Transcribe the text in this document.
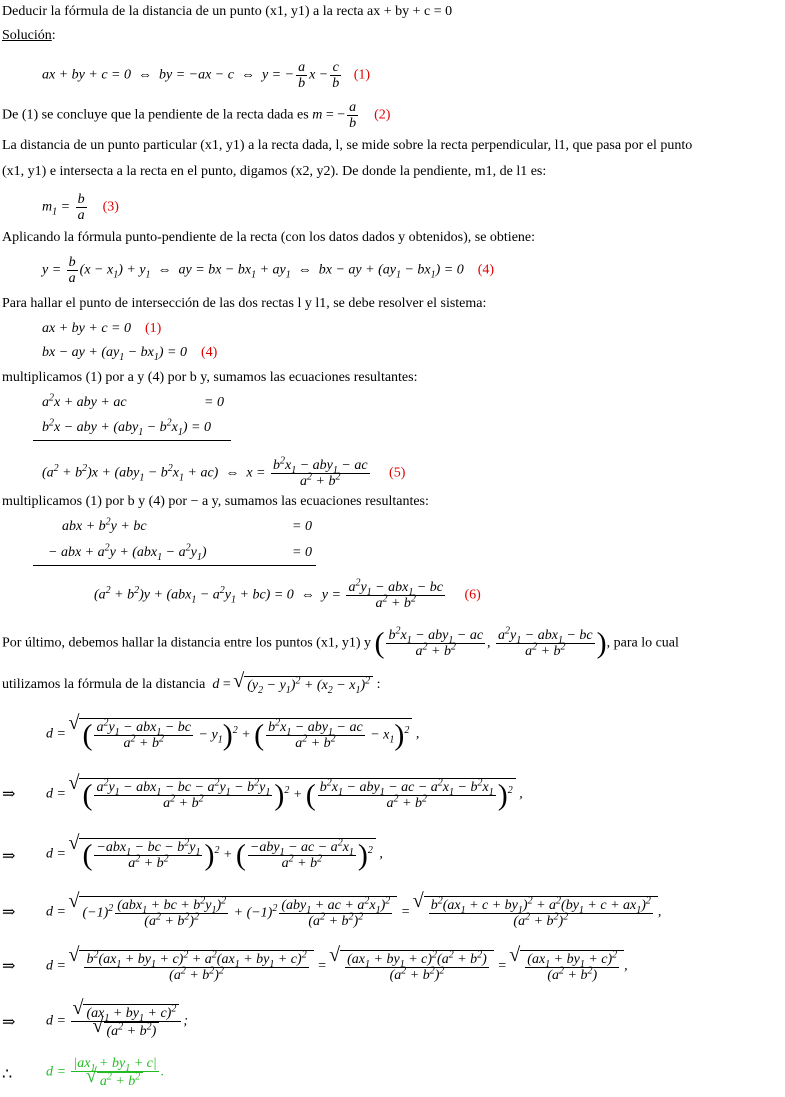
Deducir la fórmula de la distancia de un punto (x1, y1) a la recta ax + by + c = 0
Solución:
ax + by + c = 0  ⇔  by = −ax − c  ⇔  y = − $\frac{a}{b}$ $x - \frac{c}{b} (1)$
De (1) se concluye que la pendiente de la recta dada es m = − $\frac{a}{b} (2)$
La distancia de un punto particular (x1, y1) a la recta dada, l, se mide sobre la recta perpendicular, l1, que pasa por el punto
(x1, y1) e intersecta a la recta en el punto, digamos (x2, y2). De donde la pendiente, m1, de l1 es:
$m_1 = \frac{b}{a} (3)$
Aplicando la fórmula punto-pendiente de la recta (con los datos dados y obtenidos), se obtiene:
$y = \frac{b}{a} (x - x_1) + y_1$  ⇔  ay = bx − $bx_1 + ay_1$  ⇔  bx − ay + $(ay_1 - bx_1) = 0$    (4)
Para hallar el punto de intersección de las dos rectas l y l1, se debe resolver el sistema:
ax + by + c = 0    (1)
bx − ay + $(ay_1 - bx_1) = 0$    (4)
multiplicamos (1) por a y (4) por b y, sumamos las ecuaciones resultantes:
$a^2x$ + aby + ac	= 0
$b^2x$ − aby + $(aby_1 - b^2x_1) = 0$
$(a^2 + b^2)x + (aby_1 - b^2x_1 + ac)$  ⇔  $x = \frac{b^2x_1 - aby_1 - ac}{a^2 + b^2} (5)$
multiplicamos (1) por b y (4) por − a y, sumamos las ecuaciones resultantes:
abx + $b^2y$ + bc	= 0
− abx + $a^2y + (abx_1 - a^2y_1)$	= 0
$(a^2 + b^2)y + (abx_1 - a^2y_1 + bc) = 0$  ⇔  $y = \frac{a^2y_1 - abx_1 - bc}{a^2 + b^2} (6)$
Por último, debemos hallar la distancia entre los puntos (x1, y1) y ( $\frac{b^2x_1 - aby_1 - ac}{a^2 + b^2}$ , $\frac{a^2y_1 - abx_1 - bc}{a^2 + b^2}$ ), para lo cual
utilizamos la fórmula de la distancia d = √ $(y_2 - y_1)^2 + (x_2 - x_1)^2$ :
d = √ ( $\frac{a^2y_1 - abx_1 - bc}{a^2 + b^2} - y_1)^2$ + ( $\frac{b^2x_1 - aby_1 - ac}{a^2 + b^2} - x_1)^2$ ,
⇒ d = √ ( $\frac{a^2y_1 - abx_1 - bc - a^2y_1 - b^2y_1}{a^2 + b^2} )^2$ + ( $\frac{b^2x_1 - aby_1 - ac - a^2x_1 - b^2x_1}{a^2 + b^2} )^2$ ,
⇒ d = √ ( $\frac{-abx_1 - bc - b^2y_1}{a^2 + b^2} )^2$ + ( $\frac{-aby_1 - ac - a^2x_1}{a^2 + b^2} )^2$ ,
⇒ d = √ $(-1)^2 \frac{(abx_1 + bc + b^2y_1)^2}{(a^2 + b^2)^2} + (-1)^2 \frac{(aby_1 + ac + a^2x_1)^2}{(a^2 + b^2)^2}$ = √ $\frac{b^2(ax_1 + c + by_1)^2 + a^2(by_1 + c + ax_1)^2}{(a^2 + b^2)^2}$ ,
⇒ d = √ $\frac{b^2(ax_1 + by_1 + c)^2 + a^2(ax_1 + by_1 + c)^2}{(a^2 + b^2)^2}$ = √ $\frac{(ax_1 + by_1 + c)^2(a^2 + b^2)}{(a^2 + b^2)^2}$ = √ $\frac{(ax_1 + by_1 + c)^2}{(a^2 + b^2)}$ ,
⇒ d = √ $(ax_1 + by_1 + c)^2$
√ $(a^2 + b^2)$ ;
∴ $d = |ax_1 + by_1 + c|$
√ $a^2 + b^2$ .
